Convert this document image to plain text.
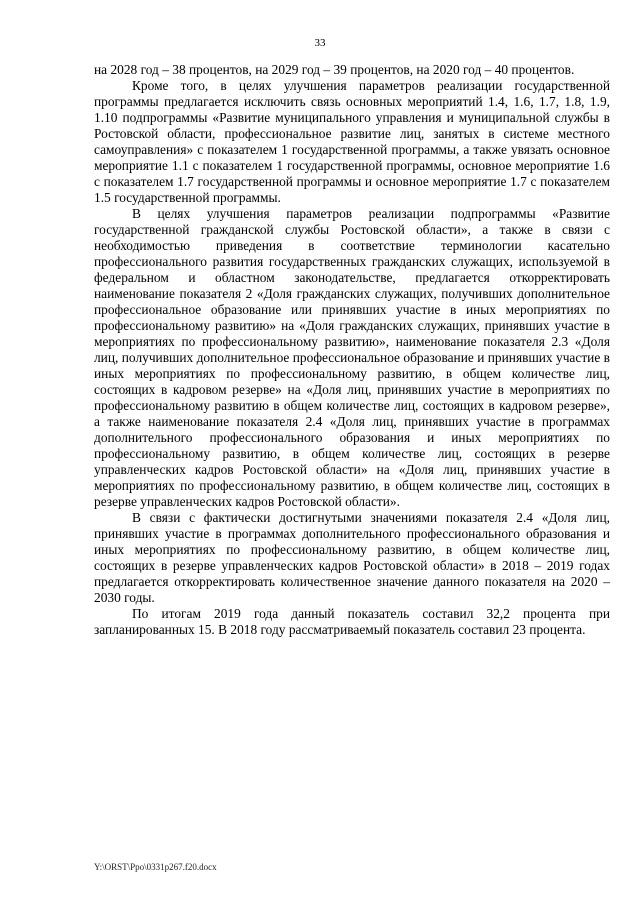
33

на 2028 год – 38 процентов, на 2029 год – 39 процентов, на 2020 год – 40 процентов.

Кроме того, в целях улучшения параметров реализации государственной программы предлагается исключить связь основных мероприятий 1.4, 1.6, 1.7, 1.8, 1.9, 1.10 подпрограммы «Развитие муниципального управления и муниципальной службы в Ростовской области, профессиональное развитие лиц, занятых в системе местного самоуправления» с показателем 1 государственной программы, а также увязать основное мероприятие 1.1 с показателем 1 государственной программы, основное мероприятие 1.6 с показателем 1.7 государственной программы и основное мероприятие 1.7 с показателем 1.5 государственной программы.

В целях улучшения параметров реализации подпрограммы «Развитие государственной гражданской службы Ростовской области», а также в связи с необходимостью приведения в соответствие терминологии касательно профессионального развития государственных гражданских служащих, используемой в федеральном и областном законодательстве, предлагается откорректировать наименование показателя 2 «Доля гражданских служащих, получивших дополнительное профессиональное образование или принявших участие в иных мероприятиях по профессиональному развитию» на «Доля гражданских служащих, принявших участие в мероприятиях по профессиональному развитию», наименование показателя 2.3 «Доля лиц, получивших дополнительное профессиональное образование и принявших участие в иных мероприятиях по профессиональному развитию, в общем количестве лиц, состоящих в кадровом резерве» на «Доля лиц, принявших участие в мероприятиях по профессиональному развитию в общем количестве лиц, состоящих в кадровом резерве», а также наименование показателя 2.4 «Доля лиц, принявших участие в программах дополнительного профессионального образования и иных мероприятиях по профессиональному развитию, в общем количестве лиц, состоящих в резерве управленческих кадров Ростовской области» на «Доля лиц, принявших участие в мероприятиях по профессиональному развитию, в общем количестве лиц, состоящих в резерве управленческих кадров Ростовской области».

В связи с фактически достигнутыми значениями показателя 2.4 «Доля лиц, принявших участие в программах дополнительного профессионального образования и иных мероприятиях по профессиональному развитию, в общем количестве лиц, состоящих в резерве управленческих кадров Ростовской области» в 2018 – 2019 годах предлагается откорректировать количественное значение данного показателя на 2020 – 2030 годы.

По итогам 2019 года данный показатель составил 32,2 процента при запланированных 15. В 2018 году рассматриваемый показатель составил 23 процента.

Y:\ORST\Ppo\0331p267.f20.docx
